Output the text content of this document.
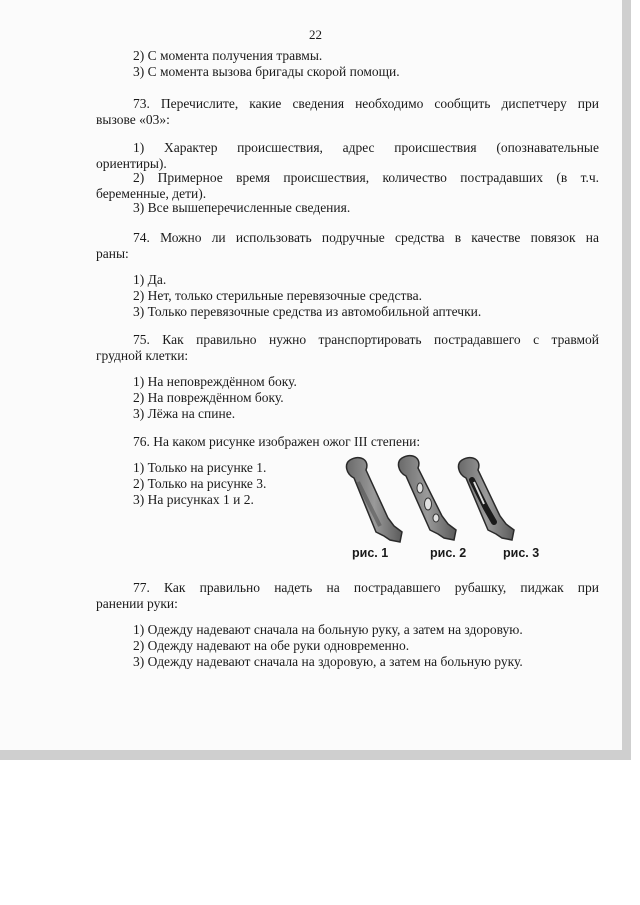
22
2) С момента получения травмы.
3) С момента вызова бригады скорой помощи.
73. Перечислите, какие сведения необходимо сообщить диспетчеру при
вызове «03»:
1) Характер происшествия, адрес происшествия (опознавательные
ориентиры).
2) Примерное время происшествия, количество пострадавших (в т.ч.
беременные, дети).
3) Все вышеперечисленные сведения.
74. Можно ли использовать подручные средства в качестве повязок на
раны:
1) Да.
2) Нет, только стерильные перевязочные средства.
3) Только перевязочные средства из автомобильной аптечки.
75. Как правильно нужно транспортировать пострадавшего с травмой
грудной клетки:
1) На неповреждённом боку.
2) На повреждённом боку.
3) Лёжа на спине.
76. На каком рисунке изображен ожог III степени:
1) Только на рисунке 1.
2) Только на рисунке 3.
3) На рисунках 1 и 2.
рис. 1	рис. 2	рис. 3
77. Как правильно надеть на пострадавшего рубашку, пиджак при
ранении руки:
1) Одежду надевают сначала на больную руку, а затем на здоровую.
2) Одежду надевают на обе руки одновременно.
3) Одежду надевают сначала на здоровую, а затем на больную руку.
